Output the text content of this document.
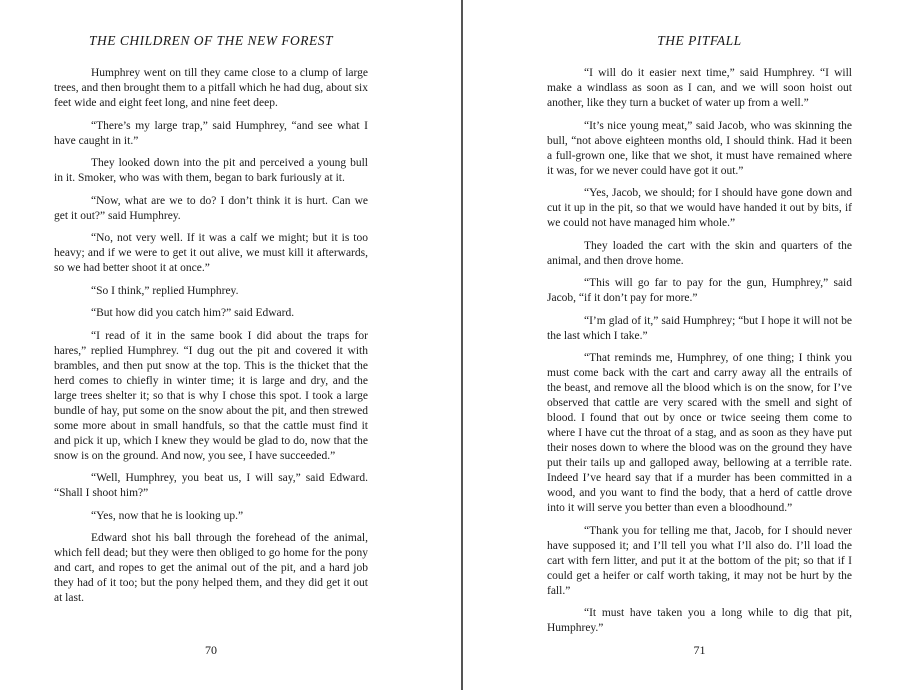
THE CHILDREN OF THE NEW FOREST

Humphrey went on till they came close to a clump of large trees, and then brought them to a pitfall which he had dug, about six feet wide and eight feet long, and nine feet deep.

“There’s my large trap,” said Humphrey, “and see what I have caught in it.”

They looked down into the pit and perceived a young bull in it. Smoker, who was with them, began to bark furiously at it.

“Now, what are we to do? I don’t think it is hurt. Can we get it out?” said Humphrey.

“No, not very well. If it was a calf we might; but it is too heavy; and if we were to get it out alive, we must kill it afterwards, so we had better shoot it at once.”

“So I think,” replied Humphrey.

“But how did you catch him?” said Edward.

“I read of it in the same book I did about the traps for hares,” replied Humphrey. “I dug out the pit and covered it with brambles, and then put snow at the top. This is the thicket that the herd comes to chiefly in winter time; it is large and dry, and the large trees shelter it; so that is why I chose this spot. I took a large bundle of hay, put some on the snow about the pit, and then strewed some more about in small handfuls, so that the cattle must find it and pick it up, which I knew they would be glad to do, now that the snow is on the ground. And now, you see, I have succeeded.”

“Well, Humphrey, you beat us, I will say,” said Edward. “Shall I shoot him?”

“Yes, now that he is looking up.”

Edward shot his ball through the forehead of the animal, which fell dead; but they were then obliged to go home for the pony and cart, and ropes to get the animal out of the pit, and a hard job they had of it too; but the pony helped them, and they did get it out at last.

70
THE PITFALL

“I will do it easier next time,” said Humphrey. “I will make a windlass as soon as I can, and we will soon hoist out another, like they turn a bucket of water up from a well.”

“It’s nice young meat,” said Jacob, who was skinning the bull, “not above eighteen months old, I should think. Had it been a full-grown one, like that we shot, it must have remained where it was, for we never could have got it out.”

“Yes, Jacob, we should; for I should have gone down and cut it up in the pit, so that we would have handed it out by bits, if we could not have managed him whole.”

They loaded the cart with the skin and quarters of the animal, and then drove home.

“This will go far to pay for the gun, Humphrey,” said Jacob, “if it don’t pay for more.”

“I’m glad of it,” said Humphrey; “but I hope it will not be the last which I take.”

“That reminds me, Humphrey, of one thing; I think you must come back with the cart and carry away all the entrails of the beast, and remove all the blood which is on the snow, for I’ve observed that cattle are very scared with the smell and sight of blood. I found that out by once or twice seeing them come to where I have cut the throat of a stag, and as soon as they have put their noses down to where the blood was on the ground they have put their tails up and galloped away, bellowing at a terrible rate. Indeed I’ve heard say that if a murder has been committed in a wood, and you want to find the body, that a herd of cattle drove into it will serve you better than even a bloodhound.”

“Thank you for telling me that, Jacob, for I should never have supposed it; and I’ll tell you what I’ll also do. I’ll load the cart with fern litter, and put it at the bottom of the pit; so that if I could get a heifer or calf worth taking, it may not be hurt by the fall.”

“It must have taken you a long while to dig that pit, Humphrey.”

71
